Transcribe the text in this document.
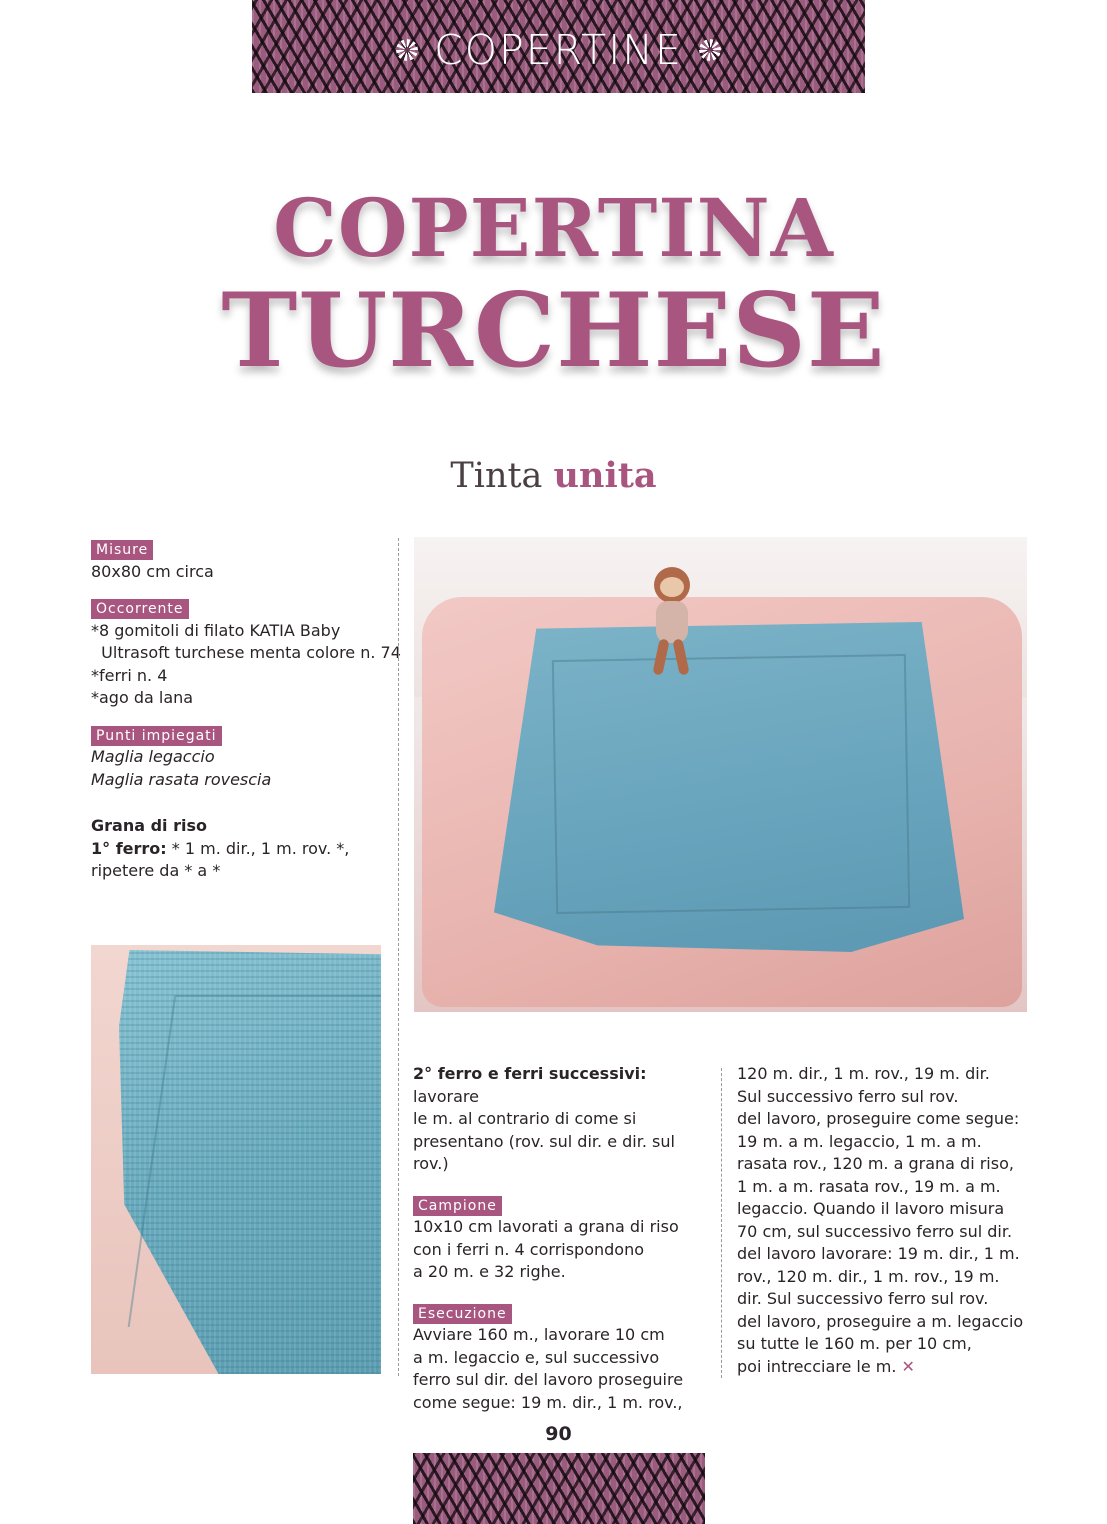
COPERTINE
COPERTINA
TURCHESE
Tinta unita
Misure
80x80 cm circa
Occorrente
*8 gomitoli di filato KATIA Baby
Ultrasoft turchese menta colore n. 74
*ferri n. 4
*ago da lana
Punti impiegati
Maglia legaccio
Maglia rasata rovescia
Grana di riso
1° ferro: * 1 m. dir., 1 m. rov. *,
ripetere da * a *
2° ferro e ferri successivi: lavorare
le m. al contrario di come si
presentano (rov. sul dir. e dir. sul rov.)
Campione
10x10 cm lavorati a grana di riso
con i ferri n. 4 corrispondono
a 20 m. e 32 righe.
Esecuzione
Avviare 160 m., lavorare 10 cm
a m. legaccio e, sul successivo
ferro sul dir. del lavoro proseguire
come segue: 19 m. dir., 1 m. rov.,
120 m. dir., 1 m. rov., 19 m. dir.
Sul successivo ferro sul rov.
del lavoro, proseguire come segue:
19 m. a m. legaccio, 1 m. a m.
rasata rov., 120 m. a grana di riso,
1 m. a m. rasata rov., 19 m. a m.
legaccio. Quando il lavoro misura
70 cm, sul successivo ferro sul dir.
del lavoro lavorare: 19 m. dir., 1 m.
rov., 120 m. dir., 1 m. rov., 19 m.
dir. Sul successivo ferro sul rov.
del lavoro, proseguire a m. legaccio
su tutte le 160 m. per 10 cm,
poi intrecciare le m. ✕
90
